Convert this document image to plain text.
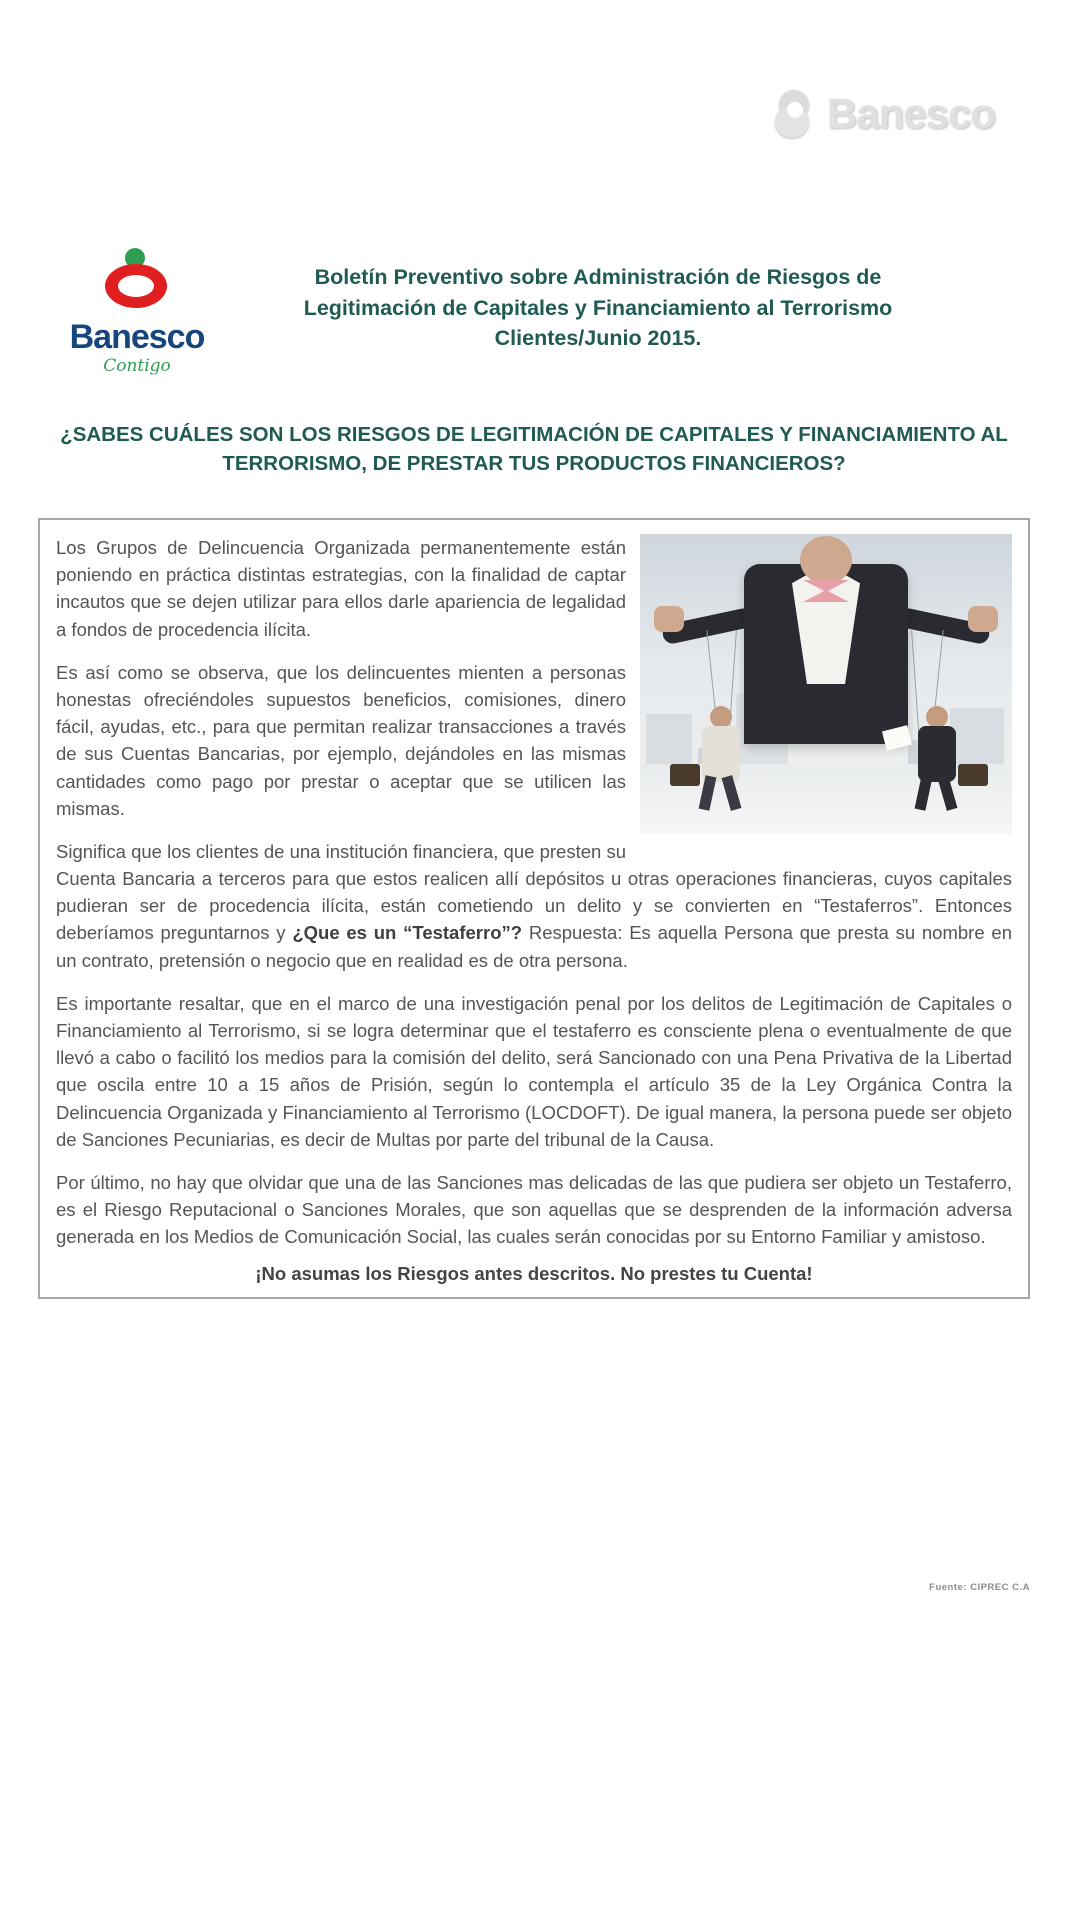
Banesco
Banesco
Contigo
Boletín Preventivo sobre Administración de Riesgos de Legitimación de Capitales y Financiamiento al Terrorismo Clientes/Junio 2015.
¿SABES CUÁLES SON LOS RIESGOS DE LEGITIMACIÓN DE CAPITALES Y FINANCIAMIENTO AL TERRORISMO, DE PRESTAR TUS PRODUCTOS FINANCIEROS?

Los Grupos de Delincuencia Organizada permanentemente están poniendo en práctica distintas estrategias, con la finalidad de captar incautos que se dejen utilizar para ellos darle apariencia de legalidad a fondos de procedencia ilícita.

Es así como se observa, que los delincuentes mienten a personas honestas ofreciéndoles supuestos beneficios, comisiones, dinero fácil, ayudas, etc., para que permitan realizar transacciones a través de sus Cuentas Bancarias, por ejemplo, dejándoles en las mismas cantidades como pago por prestar o aceptar que se utilicen las mismas.

Significa que los clientes de una institución financiera, que presten su Cuenta Bancaria a terceros para que estos realicen allí depósitos u otras operaciones financieras, cuyos capitales pudieran ser de procedencia ilícita, están cometiendo un delito y se convierten en “Testaferros”. Entonces deberíamos preguntarnos y ¿Que es un “Testaferro”? Respuesta: Es aquella Persona que presta su nombre en un contrato, pretensión o negocio que en realidad es de otra persona.

Es importante resaltar, que en el marco de una investigación penal por los delitos de Legitimación de Capitales o Financiamiento al Terrorismo, si se logra determinar que el testaferro es consciente plena o eventualmente de que llevó a cabo o facilitó los medios para la comisión del delito, será Sancionado con una Pena Privativa de la Libertad que oscila entre 10 a 15 años de Prisión, según lo contempla el artículo 35 de la Ley Orgánica Contra la Delincuencia Organizada y Financiamiento al Terrorismo (LOCDOFT). De igual manera, la persona puede ser objeto de Sanciones Pecuniarias, es decir de Multas por parte del tribunal de la Causa.

Por último, no hay que olvidar que una de las Sanciones mas delicadas de las que pudiera ser objeto un Testaferro, es el Riesgo Reputacional o Sanciones Morales, que son aquellas que se desprenden de la información adversa generada en los Medios de Comunicación Social, las cuales serán conocidas por su Entorno Familiar y amistoso.

¡No asumas los Riesgos antes descritos. No prestes tu Cuenta!

Fuente: CIPREC C.A
